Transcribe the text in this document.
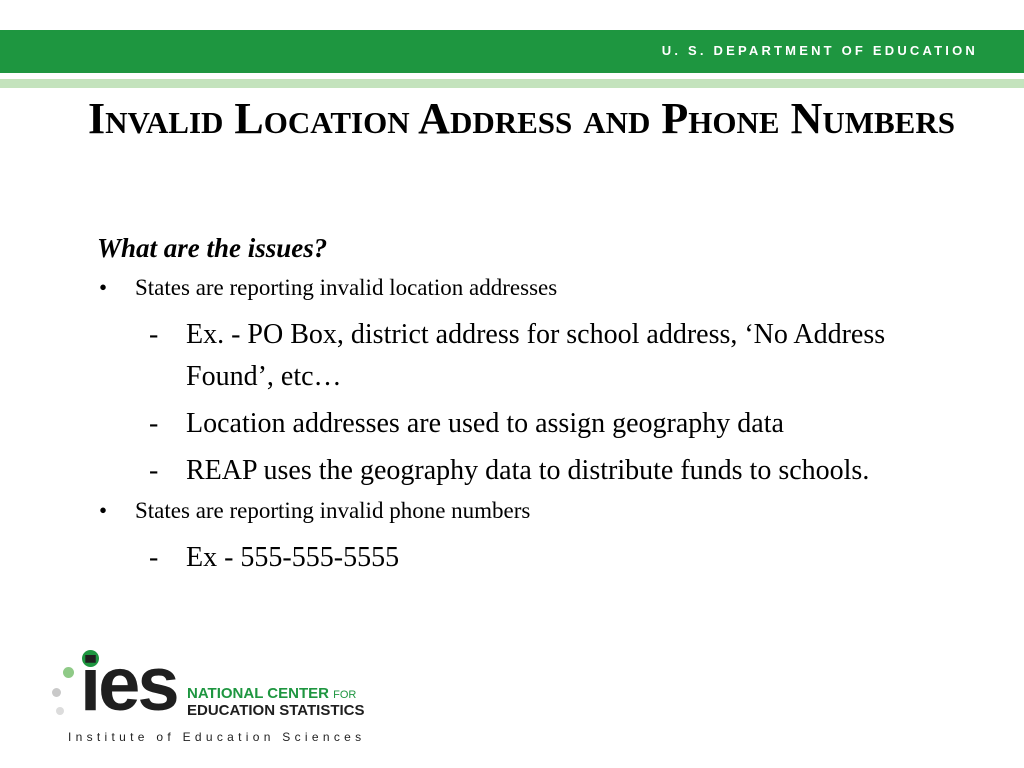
U. S. DEPARTMENT OF EDUCATION
Invalid Location Address and Phone Numbers
What are the issues?
• States are reporting invalid location addresses
- Ex. - PO Box, district address for school address, ‘No Address Found’, etc…
- Location addresses are used to assign geography data
- REAP uses the geography data to distribute funds to schools.
• States are reporting invalid phone numbers
- Ex - 555-555-5555
ies NATIONAL CENTER FOR
EDUCATION STATISTICS
Institute of Education Sciences
